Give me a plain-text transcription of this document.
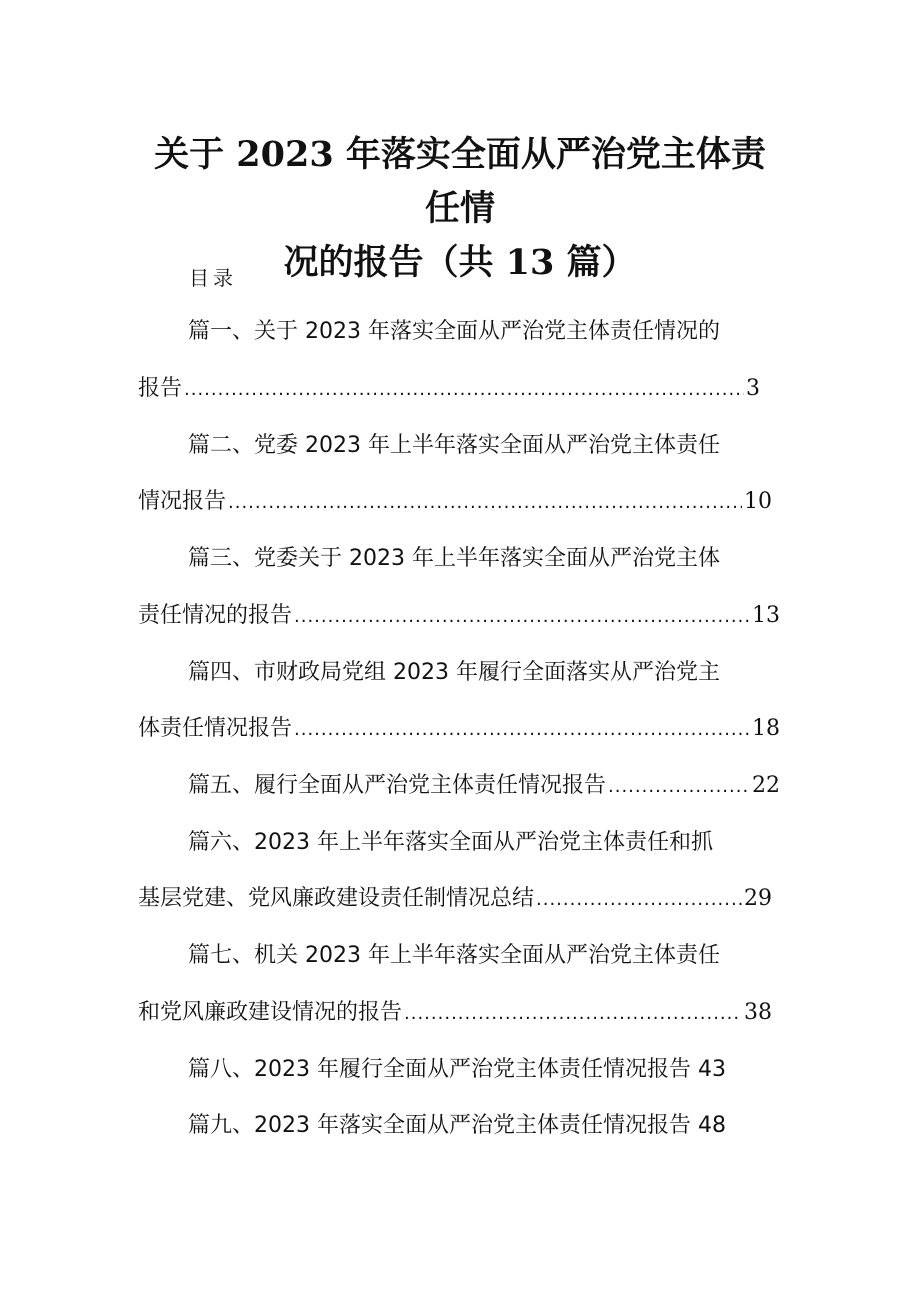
关于 2023 年落实全面从严治党主体责任情
况的报告（共 13 篇）
目录
篇一、关于 2023 年落实全面从严治党主体责任情况的
报告 .....	3
篇二、党委 2023 年上半年落实全面从严治党主体责任
情况报告 .....	10
篇三、党委关于 2023 年上半年落实全面从严治党主体
责任情况的报告 .....	13
篇四、市财政局党组 2023 年履行全面落实从严治党主
体责任情况报告 .....	18
篇五、履行全面从严治党主体责任情况报告 .....	22
篇六、2023 年上半年落实全面从严治党主体责任和抓
基层党建、党风廉政建设责任制情况总结 .....	29
篇七、机关 2023 年上半年落实全面从严治党主体责任
和党风廉政建设情况的报告 .....	38
篇八、2023 年履行全面从严治党主体责任情况报告 43
篇九、2023 年落实全面从严治党主体责任情况报告 48
